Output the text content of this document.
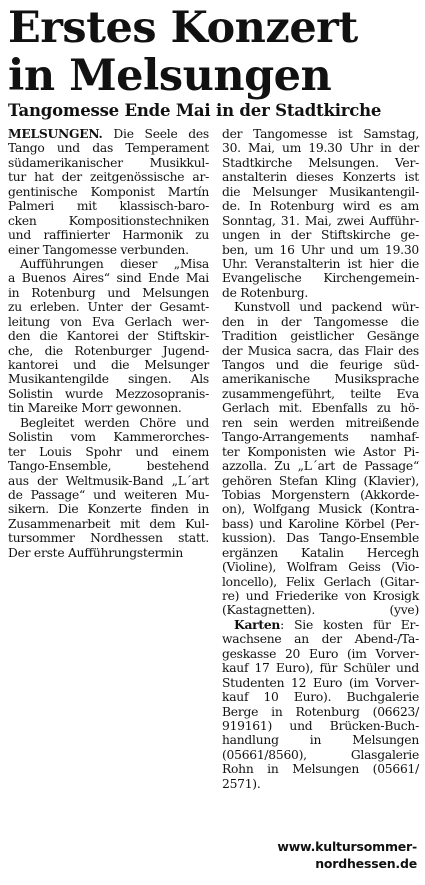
Erstes Konzert
in Melsungen
Tangomesse Ende Mai in der Stadtkirche
MELSUNGEN. Die Seele des
Tango und das Temperament
südamerikanischer Musikkul-
tur hat der zeitgenössische ar-
gentinische Komponist Martín
Palmeri mit klassisch-baro-
cken Kompositionstechniken
und raffinierter Harmonik zu
einer Tangomesse verbunden.
Aufführungen dieser „Misa
a Buenos Aires“ sind Ende Mai
in Rotenburg und Melsungen
zu erleben. Unter der Gesamt-
leitung von Eva Gerlach wer-
den die Kantorei der Stiftskir-
che, die Rotenburger Jugend-
kantorei und die Melsunger
Musikantengilde singen. Als
Solistin wurde Mezzosopranis-
tin Mareike Morr gewonnen.
Begleitet werden Chöre und
Solistin vom Kammerorches-
ter Louis Spohr und einem
Tango-Ensemble, bestehend
aus der Weltmusik-Band „L´art
de Passage“ und weiteren Mu-
sikern. Die Konzerte finden in
Zusammenarbeit mit dem Kul-
tursommer Nordhessen statt.
Der erste Aufführungstermin
der Tangomesse ist Samstag,
30. Mai, um 19.30 Uhr in der
Stadtkirche Melsungen. Ver-
anstalterin dieses Konzerts ist
die Melsunger Musikantengil-
de. In Rotenburg wird es am
Sonntag, 31. Mai, zwei Aufführ-
ungen in der Stiftskirche ge-
ben, um 16 Uhr und um 19.30
Uhr. Veranstalterin ist hier die
Evangelische Kirchengemein-
de Rotenburg.
Kunstvoll und packend wür-
den in der Tangomesse die
Tradition geistlicher Gesänge
der Musica sacra, das Flair des
Tangos und die feurige süd-
amerikanische Musiksprache
zusammengeführt, teilte Eva
Gerlach mit. Ebenfalls zu hö-
ren sein werden mitreißende
Tango-Arrangements namhaf-
ter Komponisten wie Astor Pi-
azzolla. Zu „L´art de Passage“
gehören Stefan Kling (Klavier),
Tobias Morgenstern (Akkorde-
on), Wolfgang Musick (Kontra-
bass) und Karoline Körbel (Per-
kussion). Das Tango-Ensemble
ergänzen Katalin Hercegh
(Violine), Wolfram Geiss (Vio-
loncello), Felix Gerlach (Gitar-
re) und Friederike von Krosigk
(Kastagnetten).	(yve)
Karten: Sie kosten für Er-
wachsene an der Abend-/Ta-
geskasse 20 Euro (im Vorver-
kauf 17 Euro), für Schüler und
Studenten 12 Euro (im Vorver-
kauf 10 Euro). Buchgalerie
Berge in Rotenburg (06623/
919161) und Brücken-Buch-
handlung in Melsungen
(05661/8560), Glasgalerie
Rohn in Melsungen (05661/
2571).
www.kultursommer-
nordhessen.de
